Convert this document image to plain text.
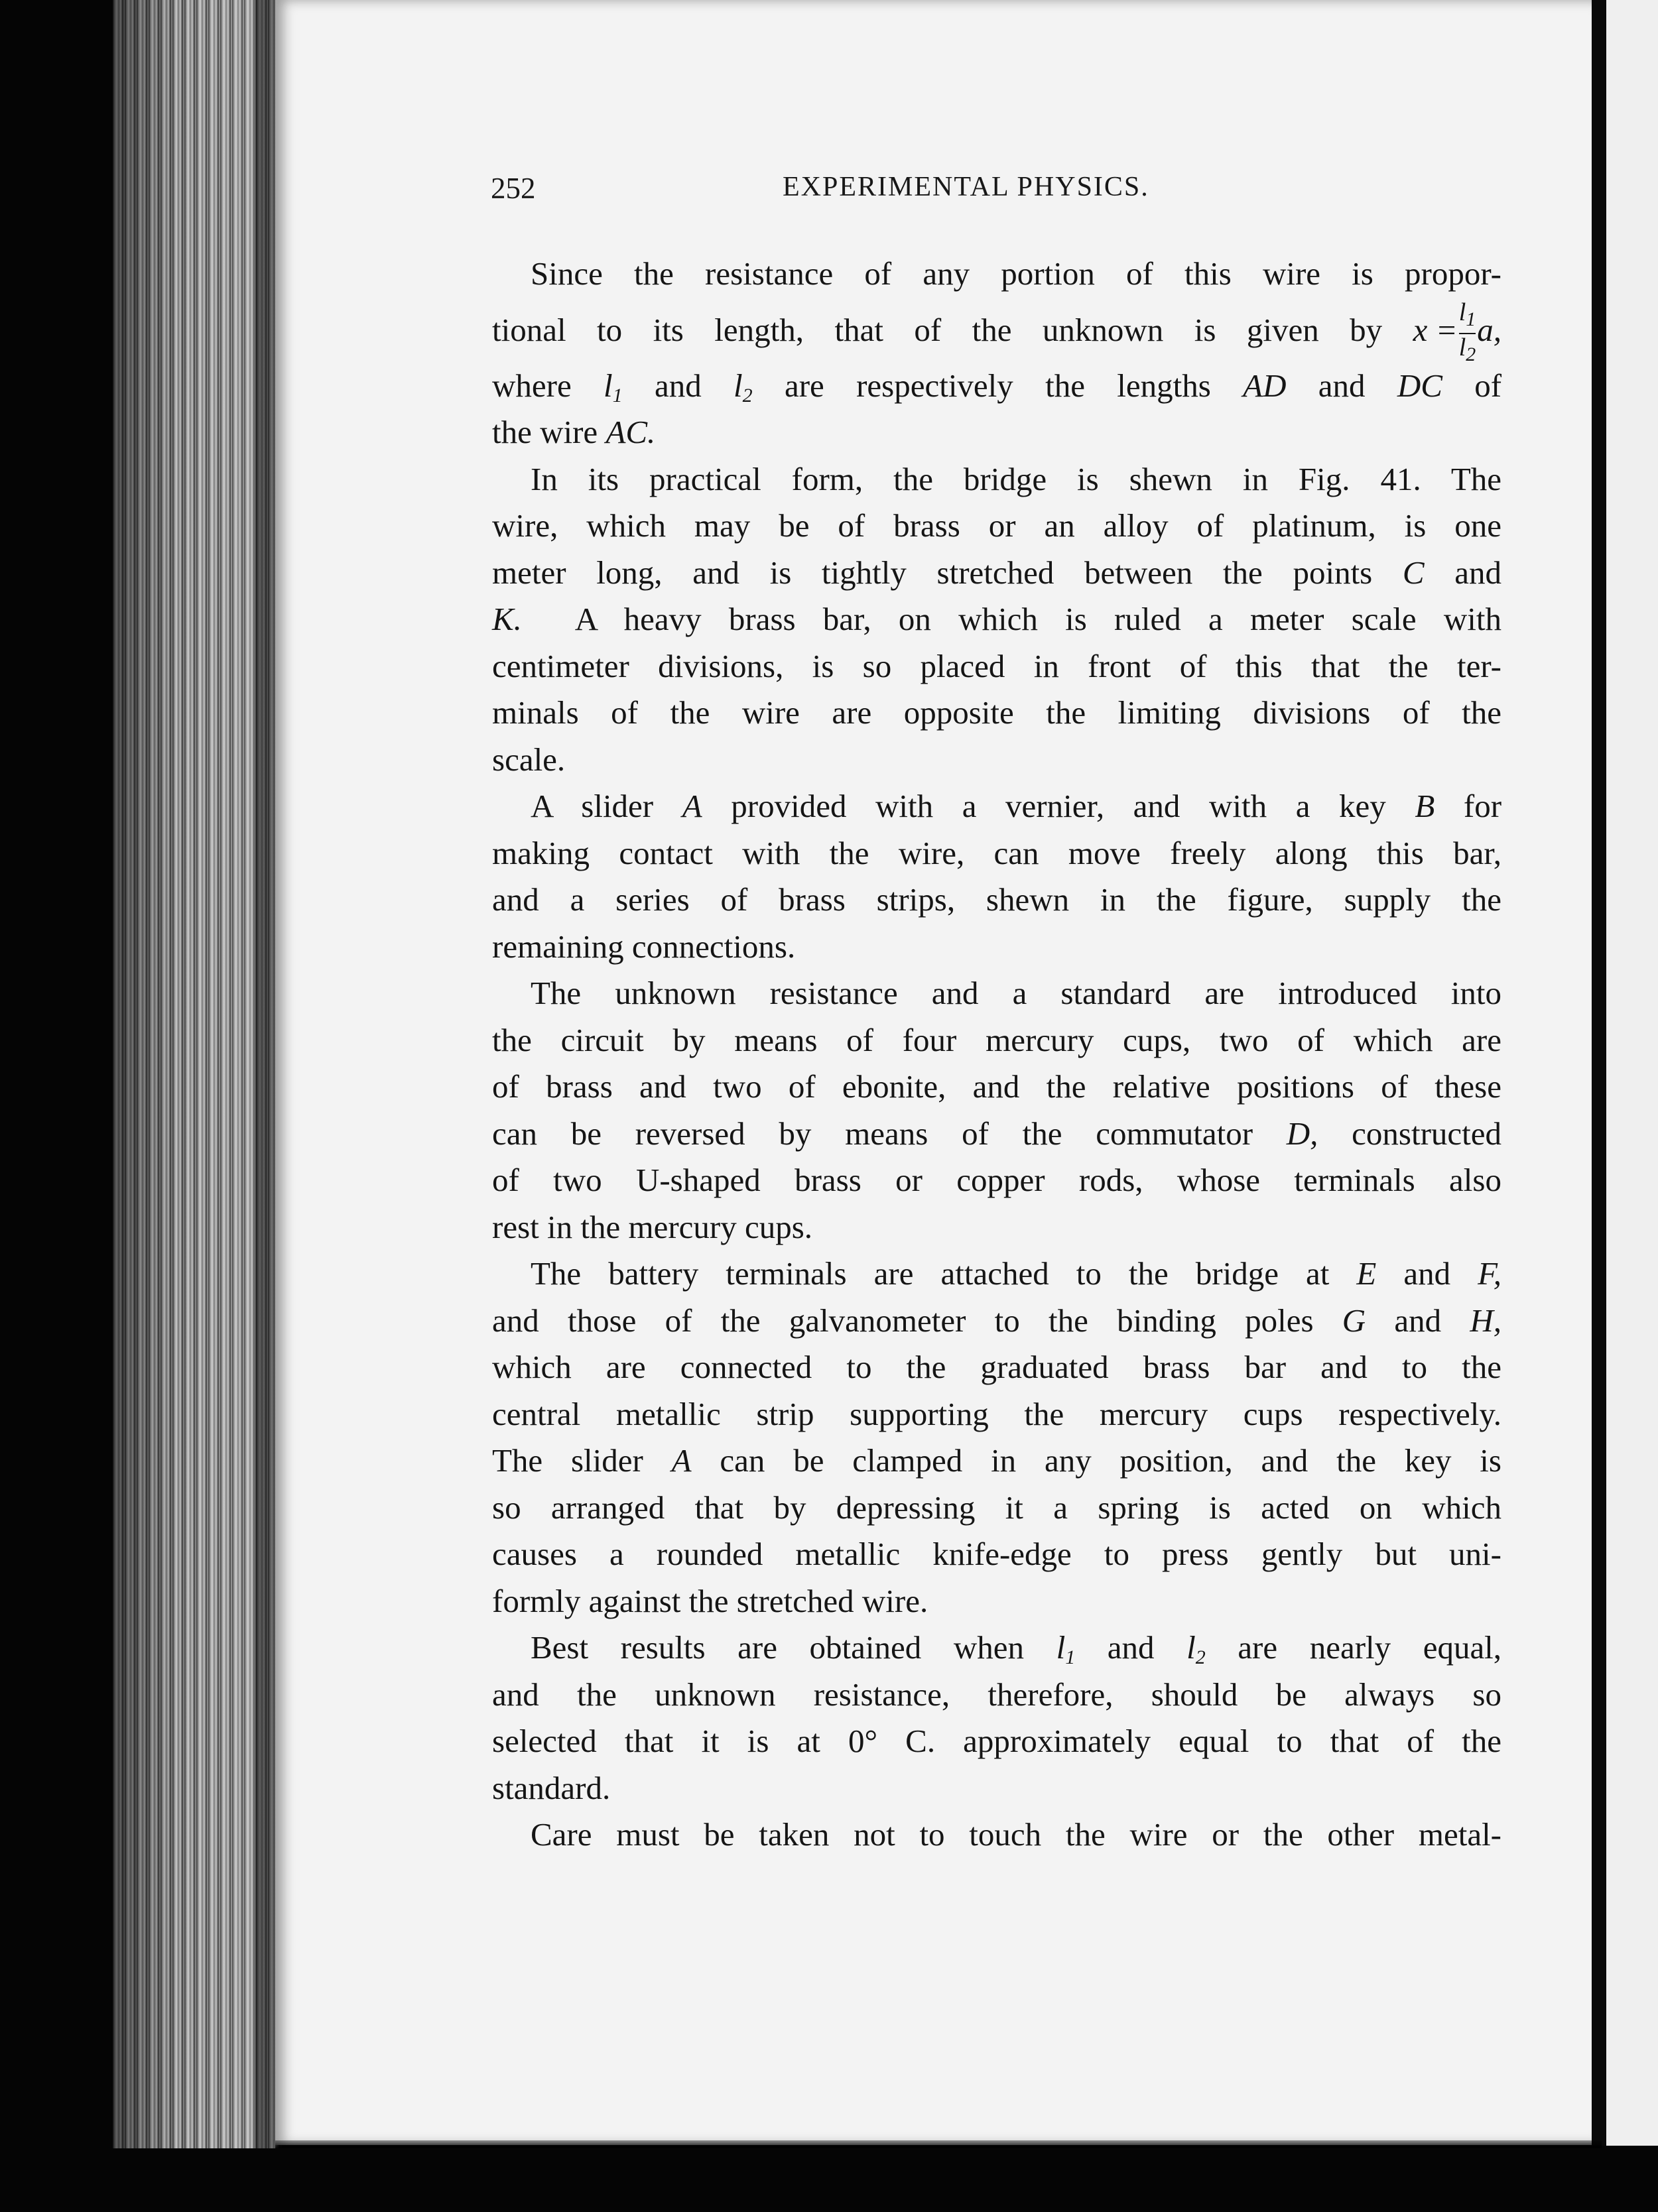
252	EXPERIMENTAL PHYSICS.
Since the resistance of any portion of this wire is propor-
tional to its length, that of the unknown is given by $x = \frac{l_1}{l_2} a$,
where $l_1$ and $l_2$ are respectively the lengths AD and DC of
the wire AC.
In its practical form, the bridge is shewn in Fig. 41. The
wire, which may be of brass or an alloy of platinum, is one
meter long, and is tightly stretched between the points C and
K. A heavy brass bar, on which is ruled a meter scale with
centimeter divisions, is so placed in front of this that the ter-
minals of the wire are opposite the limiting divisions of the
scale.
A slider A provided with a vernier, and with a key B for
making contact with the wire, can move freely along this bar,
and a series of brass strips, shewn in the figure, supply the
remaining connections.
The unknown resistance and a standard are introduced into
the circuit by means of four mercury cups, two of which are
of brass and two of ebonite, and the relative positions of these
can be reversed by means of the commutator D, constructed
of two U-shaped brass or copper rods, whose terminals also
rest in the mercury cups.
The battery terminals are attached to the bridge at E and F,
and those of the galvanometer to the binding poles G and H,
which are connected to the graduated brass bar and to the
central metallic strip supporting the mercury cups respectively.
The slider A can be clamped in any position, and the key is
so arranged that by depressing it a spring is acted on which
causes a rounded metallic knife-edge to press gently but uni-
formly against the stretched wire.
Best results are obtained when $l_1$ and $l_2$ are nearly equal,
and the unknown resistance, therefore, should be always so
selected that it is at 0° C. approximately equal to that of the
standard.
Care must be taken not to touch the wire or the other metal-
